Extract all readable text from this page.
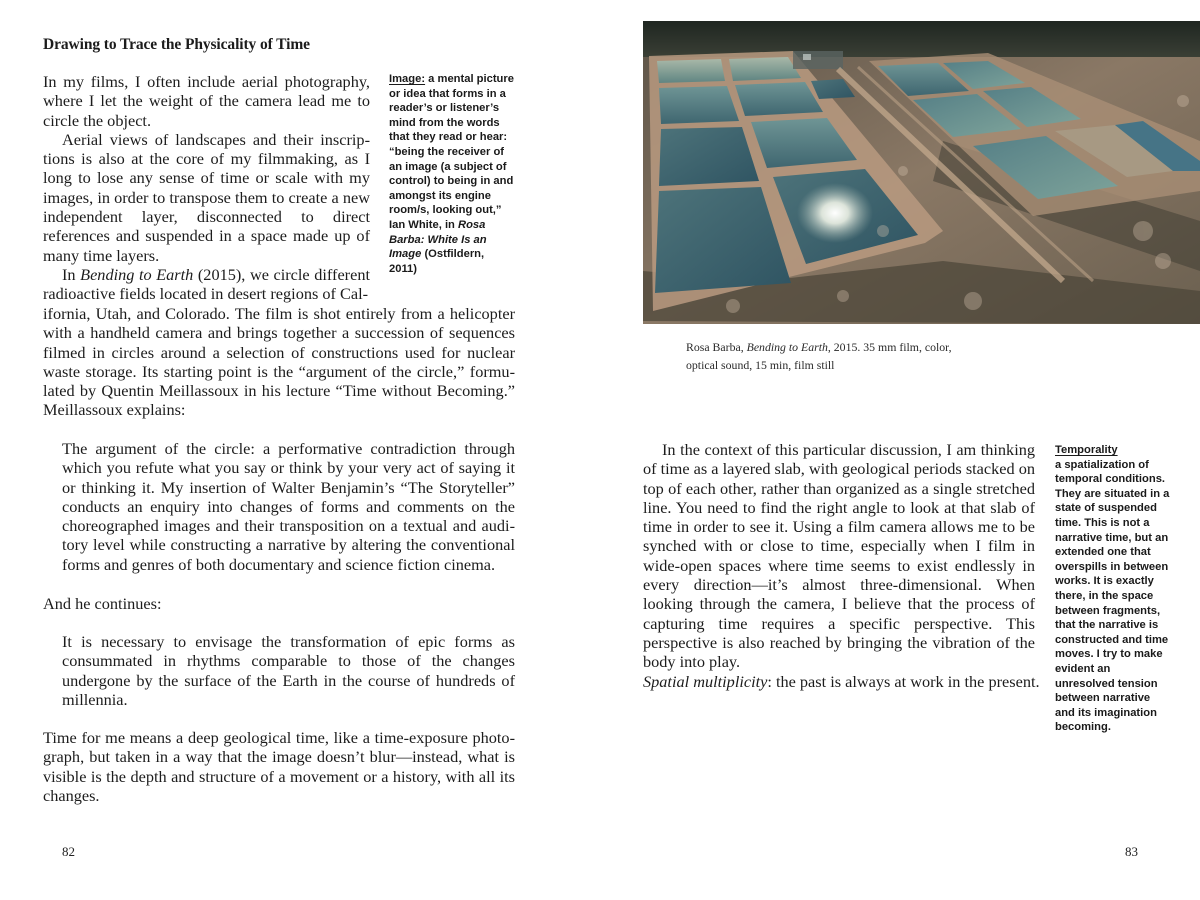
Drawing to Trace the Physicality of Time

In my films, I often include aerial photography, where I let the weight of the camera lead me to circle the object.

Aerial views of landscapes and their inscriptions is also at the core of my filmmaking, as I long to lose any sense of time or scale with my images, in order to transpose them to create a new independent layer, disconnected to direct references and suspended in a space made up of many time layers.

In Bending to Earth (2015), we circle different radioactive fields located in desert regions of Cal-

ifornia, Utah, and Colorado. The film is shot entirely from a helicopter with a handheld camera and brings together a succession of sequences filmed in circles around a selection of constructions used for nuclear waste storage. Its starting point is the “argument of the circle,” formulated by Quentin Meillassoux in his lecture “Time without Becoming.” Meillassoux explains:

The argument of the circle: a performative contradiction through which you refute what you say or think by your very act of saying it or thinking it. My insertion of Walter Benjamin’s “The Storyteller” conducts an enquiry into changes of forms and comments on the choreographed images and their transposition on a textual and auditory level while constructing a narrative by altering the conventional forms and genres of both documentary and science fiction cinema.

And he continues:

It is necessary to envisage the transformation of epic forms as consummated in rhythms comparable to those of the changes undergone by the surface of the Earth in the course of hundreds of millennia.

Time for me means a deep geological time, like a time-exposure photograph, but taken in a way that the image doesn’t blur—instead, what is visible is the depth and structure of a movement or a history, with all its changes.

Image: a mental picture or idea that forms in a reader’s or listener’s mind from the words that they read or hear:
“being the receiver of an image (a subject of control) to being in and amongst its engine room/s, looking out,” Ian White, in Rosa Barba: White Is an Image (Ostfildern, 2011)

82

Rosa Barba, Bending to Earth, 2015. 35 mm film, color, optical sound, 15 min, film still

In the context of this particular discussion, I am thinking of time as a layered slab, with geological periods stacked on top of each other, rather than organized as a single stretched line. You need to find the right angle to look at that slab of time in order to see it. Using a film camera allows me to be synched with or close to time, especially when I film in wide-open spaces where time seems to exist endlessly in every direction—it’s almost three-dimensional. When looking through the camera, I believe that the process of capturing time requires a specific perspective. This perspective is also reached by bringing the vibration of the body into play.

Spatial multiplicity: the past is always at work in the present.

Temporality
a spatialization of temporal conditions. They are situated in a state of suspended time. This is not a narrative time, but an extended one that overspills in between works. It is exactly there, in the space between fragments, that the narrative is constructed and time moves. I try to make evident an unresolved tension between narrative and its imagination becoming.

83
